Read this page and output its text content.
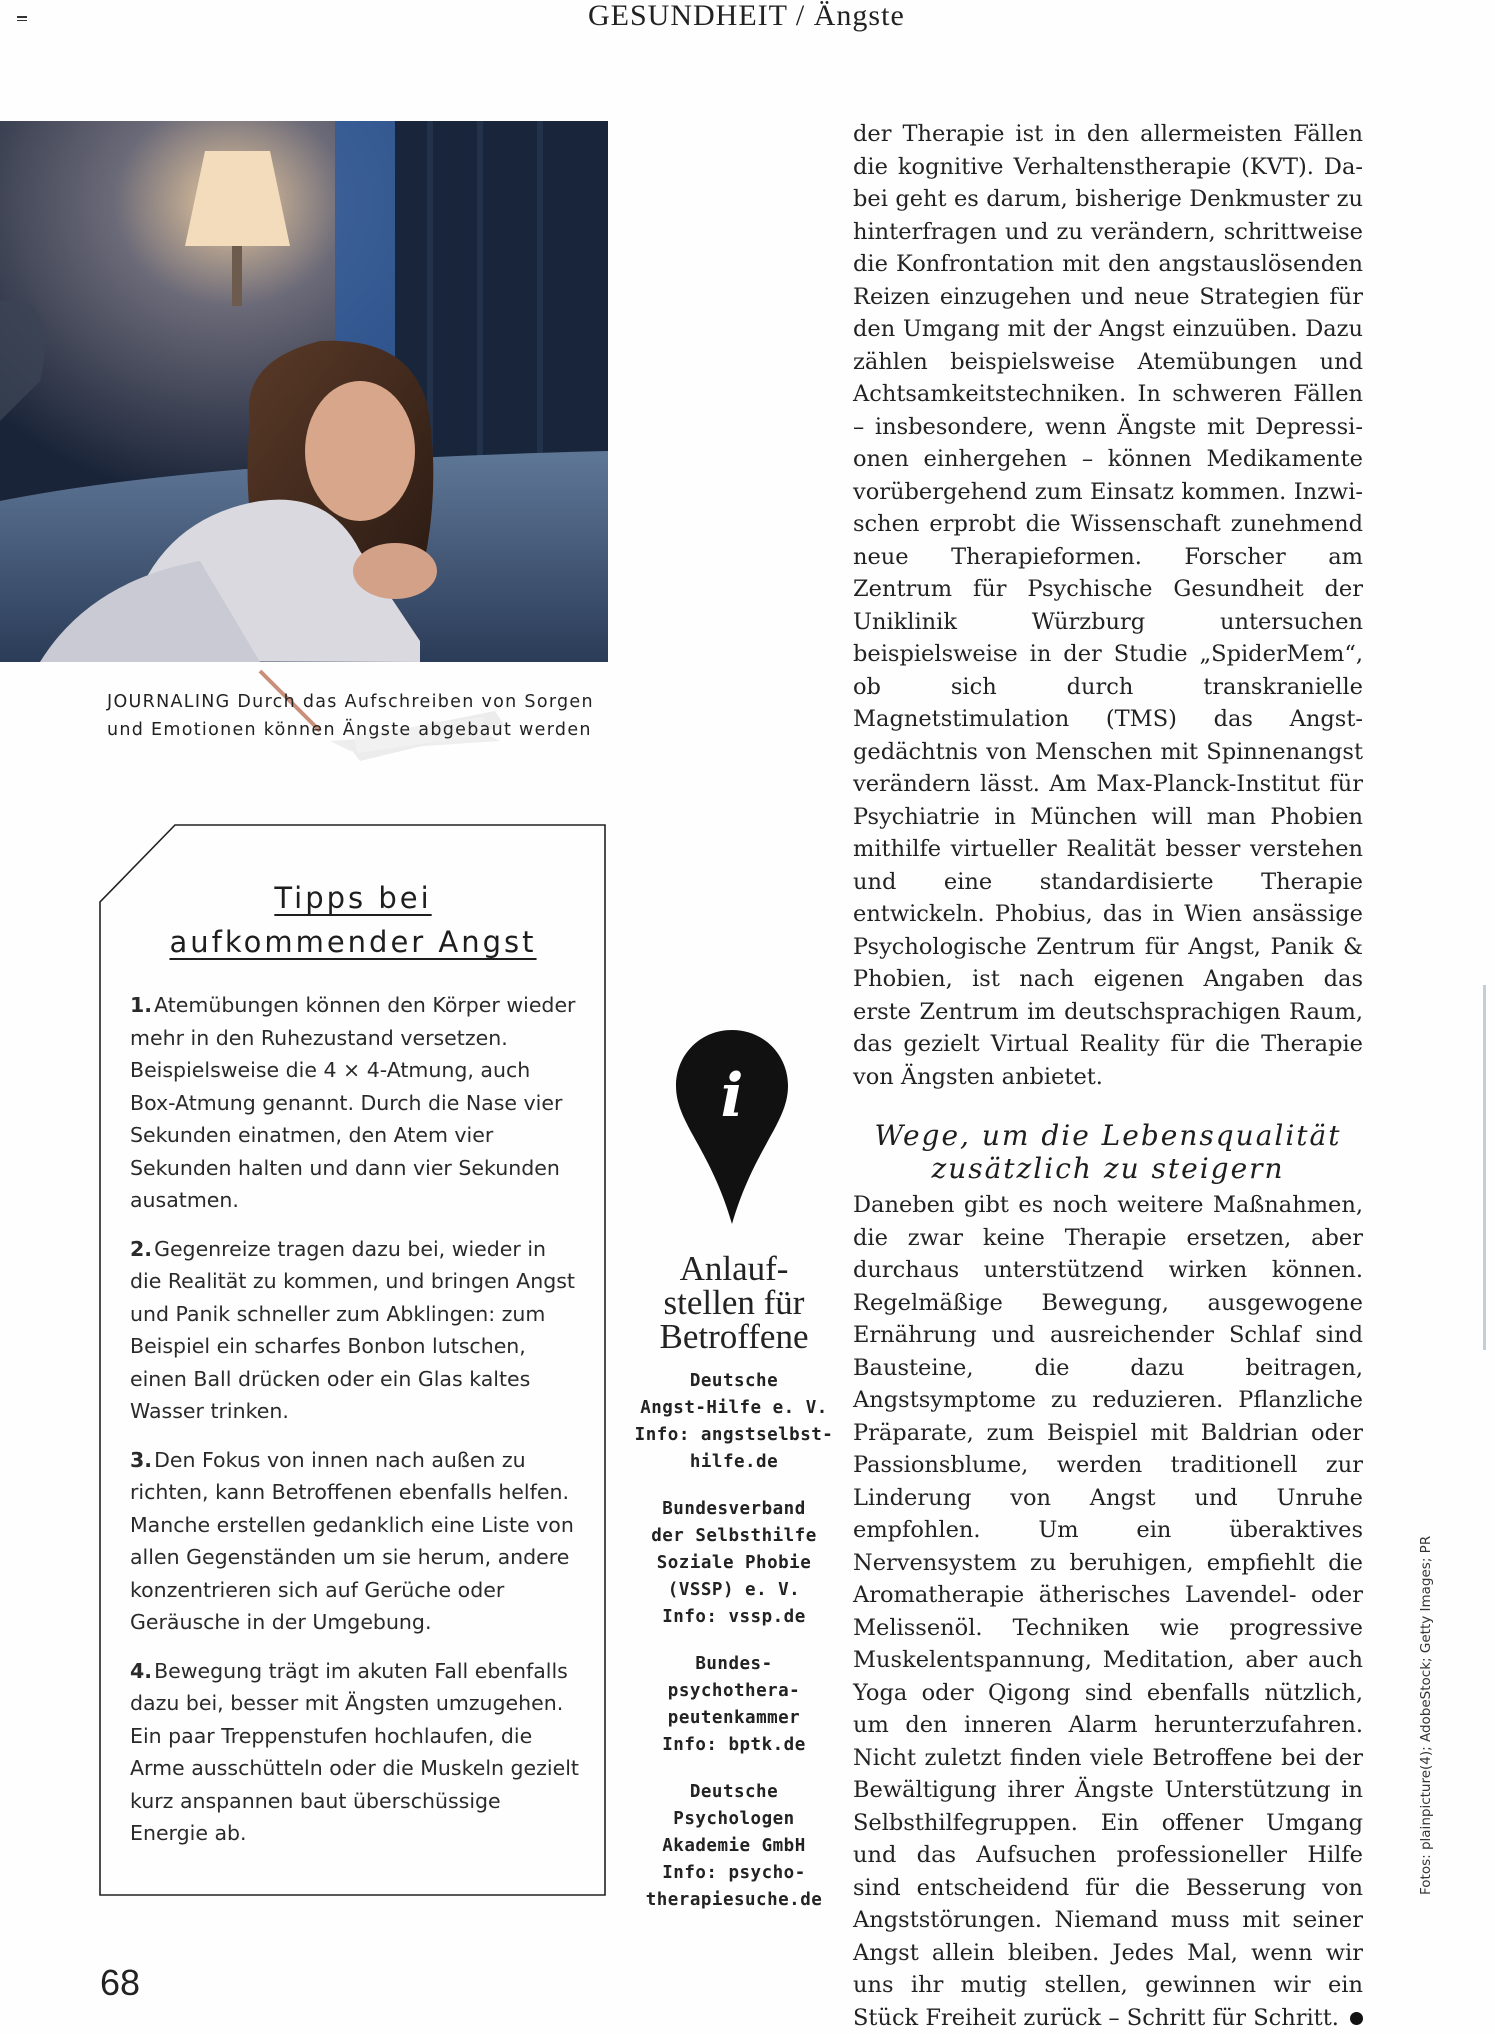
GESUNDHEIT / Ängste
JOURNALING Durch das Aufschreiben von Sorgen und Emotionen können Ängste abgebaut werden
Tipps bei
aufkommender Angst
1.Atemübungen können den Körper wieder mehr in den Ruhezustand versetzen. Beispielsweise die 4 × 4-Atmung, auch Box-Atmung genannt. Durch die Nase vier Sekunden einatmen, den Atem vier Sekunden halten und dann vier Sekunden ausatmen.
2.Gegenreize tragen dazu bei, wieder in die Realität zu kommen, und bringen Angst und Panik schneller zum Abklingen: zum Beispiel ein scharfes Bonbon lutschen, einen Ball drücken oder ein Glas kaltes Wasser trinken.
3.Den Fokus von innen nach außen zu richten, kann Betroffenen ebenfalls helfen. Manche erstellen gedanklich eine Liste von allen Gegenständen um sie herum, andere konzentrieren sich auf Gerüche oder Geräusche in der Umgebung.
4.Bewegung trägt im akuten Fall ebenfalls dazu bei, besser mit Ängsten umzugehen. Ein paar Treppenstufen hochlaufen, die Arme ausschütteln oder die Muskeln gezielt kurz anspannen baut überschüssige Energie ab.
i
Anlauf-
stellen für
Betroffene
Deutsche
Angst-Hilfe e. V.
Info: angstselbst-
hilfe.de
Bundesverband
der Selbsthilfe
Soziale Phobie
(VSSP) e. V.
Info: vssp.de
Bundes-
psychothera-
peutenkammer
Info: bptk.de
Deutsche
Psychologen
Akademie GmbH
Info: psycho-
therapiesuche.de

der Therapie ist in den allermeisten Fällen die kognitive Verhaltenstherapie (KVT). Dabei geht es darum, bisherige Denkmuster zu hinterfragen und zu verändern, schrittweise die Konfrontation mit den angstauslösenden Reizen einzugehen und neue Strategien für den Umgang mit der Angst einzuüben. Dazu zählen beispielsweise Atemübungen und Achtsamkeitstechniken. In schweren Fällen – insbesondere, wenn Ängste mit Depressionen einhergehen – können Medikamente vorübergehend zum Einsatz kommen. Inzwischen erprobt die Wissenschaft zunehmend neue Therapieformen. Forscher am Zentrum für Psychische Gesundheit der Uniklinik Würzburg untersuchen beispielsweise in der Studie „SpiderMem“, ob sich durch transkranielle Magnetstimulation (TMS) das Angstgedächtnis von Menschen mit Spinnenangst verändern lässt. Am Max-Planck-Institut für Psychiatrie in München will man Phobien mithilfe virtueller Realität besser verstehen und eine standardisierte Therapie entwickeln. Phobius, das in Wien ansässige Psychologische Zentrum für Angst, Panik & Phobien, ist nach eigenen Angaben das erste Zentrum im deutschsprachigen Raum, das gezielt Virtual Reality für die Therapie von Ängsten anbietet.

Wege, um die Lebensqualität zusätzlich zu steigern

Daneben gibt es noch weitere Maßnahmen, die zwar keine Therapie ersetzen, aber durchaus unterstützend wirken können. Regelmäßige Bewegung, ausgewogene Ernährung und ausreichender Schlaf sind Bausteine, die dazu beitragen, Angstsymptome zu reduzieren. Pflanzliche Präparate, zum Beispiel mit Baldrian oder Passionsblume, werden traditionell zur Linderung von Angst und Unruhe empfohlen. Um ein überaktives Nervensystem zu beruhigen, empfiehlt die Aromatherapie ätherisches Lavendel- oder Melissenöl. Techniken wie progressive Muskelentspannung, Meditation, aber auch Yoga oder Qigong sind ebenfalls nützlich, um den inneren Alarm herunterzufahren. Nicht zuletzt finden viele Betroffene bei der Bewältigung ihrer Ängste Unterstützung in Selbsthilfegruppen. Ein offener Umgang und das Aufsuchen professioneller Hilfe sind entscheidend für die Besserung von Angststörungen. Niemand muss mit seiner Angst allein bleiben. Jedes Mal, wenn wir uns ihr mutig stellen, gewinnen wir ein Stück Freiheit zurück – Schritt für Schritt.

Fotos: plainpicture(4); AdobeStock; Getty Images; PR
68
